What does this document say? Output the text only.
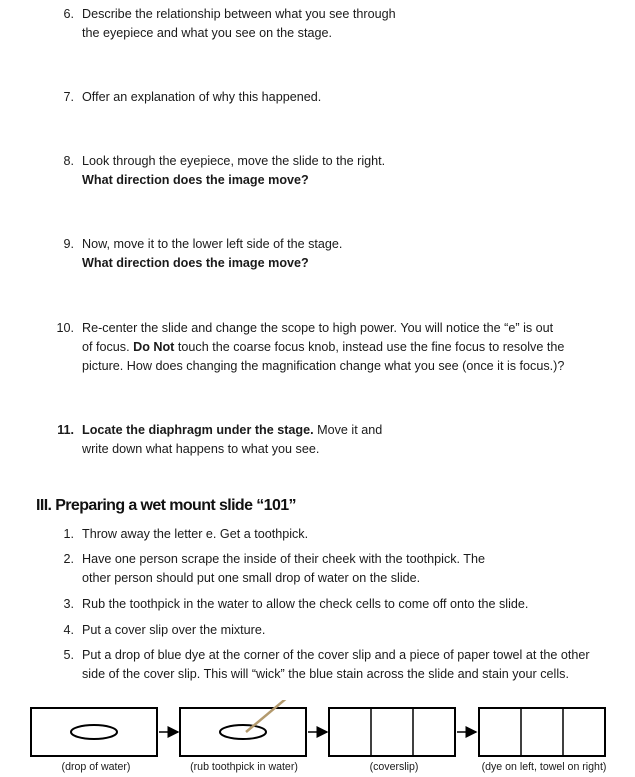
6. Describe the relationship between what you see through
the eyepiece and what you see on the stage.
7. Offer an explanation of why this happened.
8. Look through the eyepiece, move the slide to the right.
What direction does the image move?
9. Now, move it to the lower left side of the stage.
What direction does the image move?
10. Re-center the slide and change the scope to high power. You will notice the “e” is out
of focus. Do Not touch the coarse focus knob, instead use the fine focus to resolve the
picture. How does changing the magnification change what you see (once it is focus.)?
11. Locate the diaphragm under the stage. Move it and
write down what happens to what you see.
III. Preparing a wet mount slide “101”
1. Throw away the letter e. Get a toothpick.
2. Have one person scrape the inside of their cheek with the toothpick. The
other person should put one small drop of water on the slide.
3. Rub the toothpick in the water to allow the check cells to come off onto the slide.
4. Put a cover slip over the mixture.
5. Put a drop of blue dye at the corner of the cover slip and a piece of paper towel at the other
side of the cover slip. This will “wick” the blue stain across the slide and stain your cells.
(drop of water)	(rub toothpick in water)	(coverslip)	(dye on left, towel on right)
